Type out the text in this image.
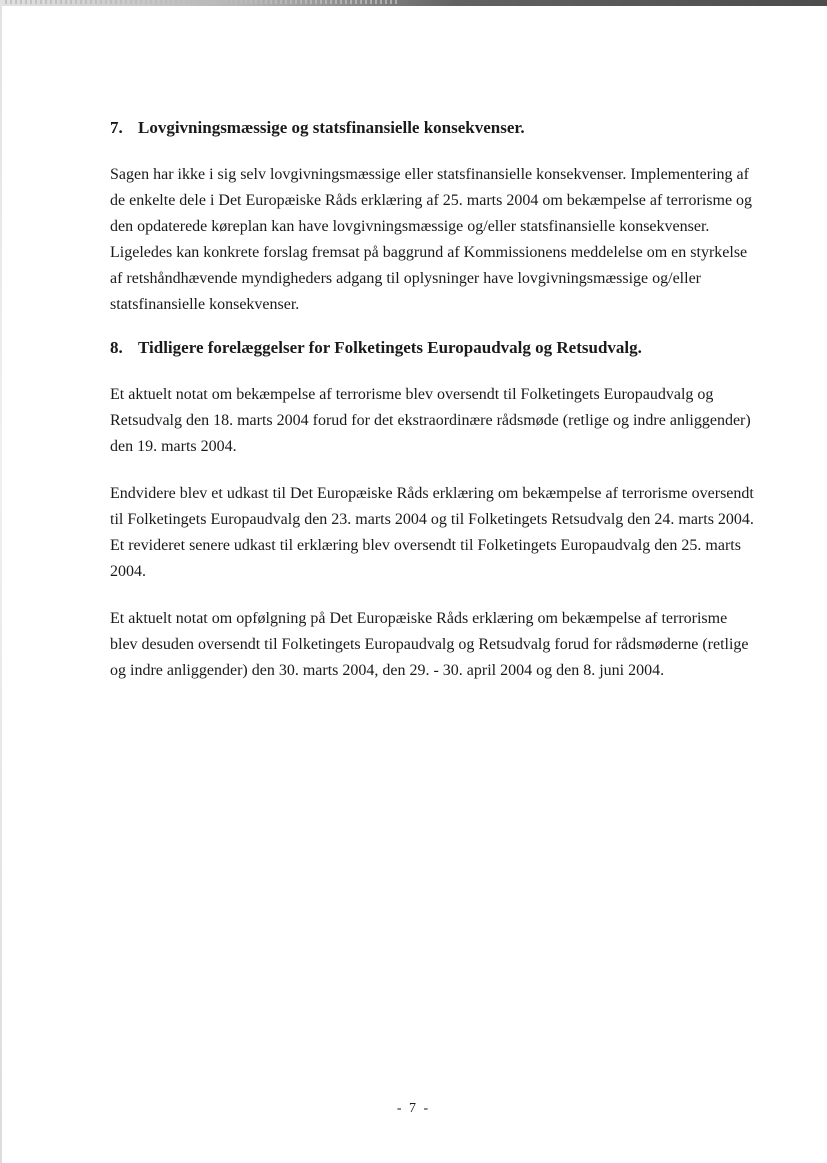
7. Lovgivningsmæssige og statsfinansielle konsekvenser.

Sagen har ikke i sig selv lovgivningsmæssige eller statsfinansielle konsekvenser. Implementering af de enkelte dele i Det Europæiske Råds erklæring af 25. marts 2004 om bekæmpelse af terrorisme og den opdaterede køreplan kan have lovgivningsmæssige og/eller statsfinansielle konsekvenser. Ligeledes kan konkrete forslag fremsat på baggrund af Kommissionens meddelelse om en styrkelse af retshåndhævende myndigheders adgang til oplysninger have lovgivningsmæssige og/eller statsfinansielle konsekvenser.

8. Tidligere forelæggelser for Folketingets Europaudvalg og Retsudvalg.

Et aktuelt notat om bekæmpelse af terrorisme blev oversendt til Folketingets Europaudvalg og Retsudvalg den 18. marts 2004 forud for det ekstraordinære rådsmøde (retlige og indre anliggender) den 19. marts 2004.

Endvidere blev et udkast til Det Europæiske Råds erklæring om bekæmpelse af terrorisme oversendt til Folketingets Europaudvalg den 23. marts 2004 og til Folketingets Retsudvalg den 24. marts 2004. Et revideret senere udkast til erklæring blev oversendt til Folketingets Europaudvalg den 25. marts 2004.

Et aktuelt notat om opfølgning på Det Europæiske Råds erklæring om bekæmpelse af terrorisme blev desuden oversendt til Folketingets Europaudvalg og Retsudvalg forud for rådsmøderne (retlige og indre anliggender) den 30. marts 2004, den 29. - 30. april 2004 og den 8. juni 2004.

- 7 -
